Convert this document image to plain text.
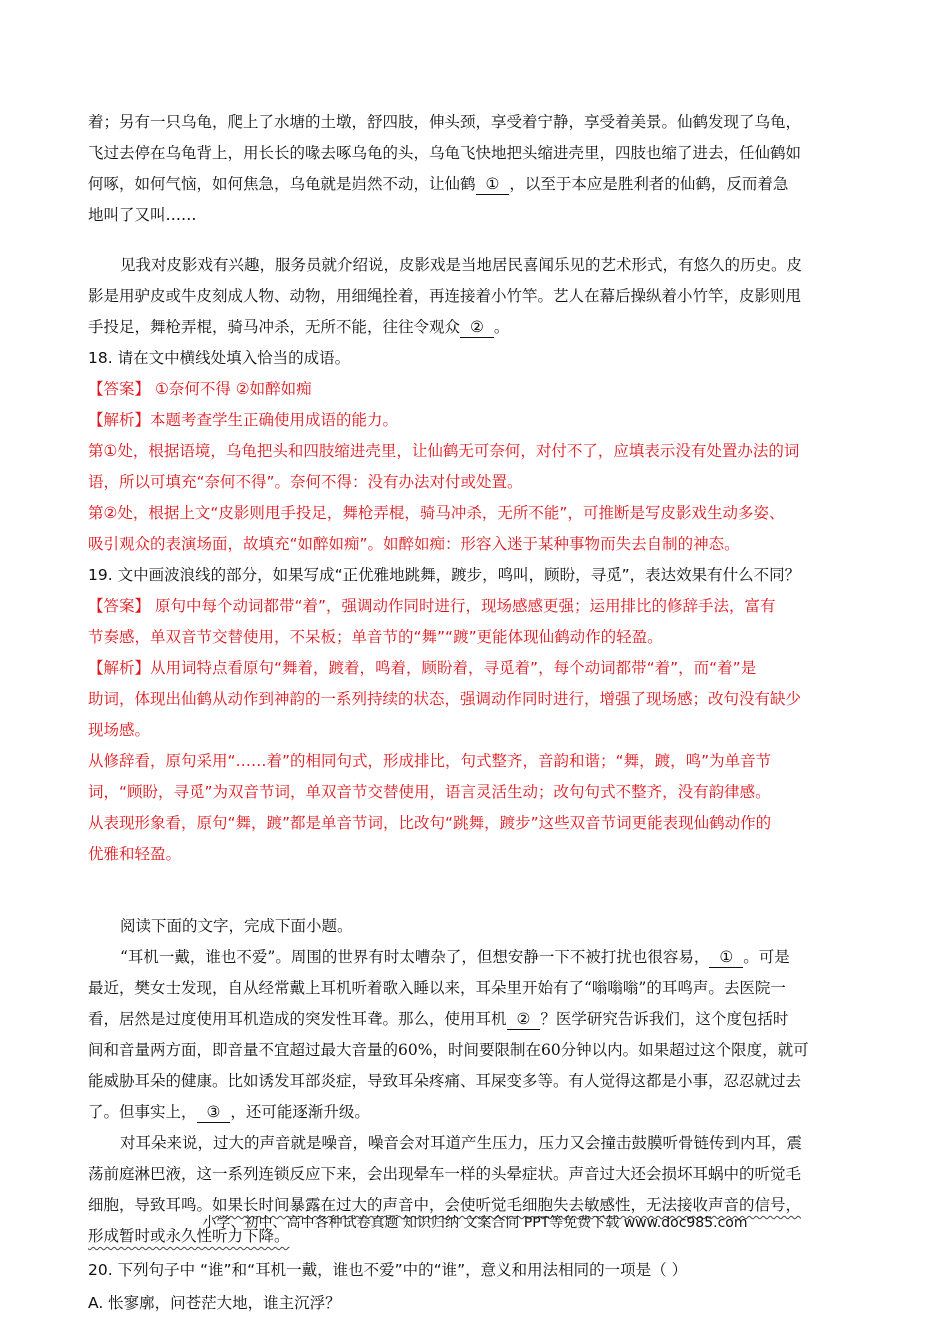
着；另有一只乌龟，爬上了水塘的土墩，舒四肢，伸头颈，享受着宁静，享受着美景。仙鹤发现了乌龟，
飞过去停在乌龟背上，用长长的喙去啄乌龟的头，乌龟飞快地把头缩进壳里，四肢也缩了进去，任仙鹤如
何啄，如何气恼，如何焦急，乌龟就是岿然不动，让仙鹤 ① ，以至于本应是胜利者的仙鹤，反而着急
地叫了又叫……
见我对皮影戏有兴趣，服务员就介绍说，皮影戏是当地居民喜闻乐见的艺术形式，有悠久的历史。皮
影是用驴皮或牛皮刻成人物、动物，用细绳拴着，再连接着小竹竿。艺人在幕后操纵着小竹竿，皮影则甩
手投足，舞枪弄棍，骑马冲杀，无所不能，往往令观众 ② 。
18. 请在文中横线处填入恰当的成语。
【答案】 ①奈何不得 ②如醉如痴
【解析】本题考查学生正确使用成语的能力。
第①处，根据语境，乌龟把头和四肢缩进壳里，让仙鹤无可奈何，对付不了，应填表示没有处置办法的词
语，所以可填充“奈何不得”。奈何不得：没有办法对付或处置。
第②处，根据上文“皮影则甩手投足，舞枪弄棍，骑马冲杀，无所不能”，可推断是写皮影戏生动多姿、
吸引观众的表演场面，故填充“如醉如痴”。如醉如痴：形容入迷于某种事物而失去自制的神态。
19. 文中画波浪线的部分，如果写成“正优雅地跳舞，踱步，鸣叫，顾盼，寻觅”，表达效果有什么不同？
【答案】 原句中每个动词都带“着”，强调动作同时进行，现场感感更强；运用排比的修辞手法，富有
节奏感，单双音节交替使用，不呆板；单音节的“舞”“踱”更能体现仙鹤动作的轻盈。
【解析】从用词特点看原句“舞着，踱着，鸣着，顾盼着，寻觅着”，每个动词都带“着”，而“着”是
助词，体现出仙鹤从动作到神韵的一系列持续的状态，强调动作同时进行，增强了现场感；改句没有缺少
现场感。
从修辞看，原句采用“……着”的相同句式，形成排比，句式整齐，音韵和谐；“舞，踱，鸣”为单音节
词，“顾盼，寻觅”为双音节词，单双音节交替使用，语言灵活生动；改句句式不整齐，没有韵律感。
从表现形象看，原句“舞，踱”都是单音节词，比改句“跳舞，踱步”这些双音节词更能表现仙鹤动作的
优雅和轻盈。
阅读下面的文字，完成下面小题。
“耳机一戴，谁也不爱”。周围的世界有时太嘈杂了，但想安静一下不被打扰也很容易， ① 。可是
最近，樊女士发现，自从经常戴上耳机听着歌入睡以来，耳朵里开始有了“嗡嗡嗡”的耳鸣声。去医院一
看，居然是过度使用耳机造成的突发性耳聋。那么，使用耳机 ② ？医学研究告诉我们，这个度包括时
间和音量两方面，即音量不宜超过最大音量的60%，时间要限制在60分钟以内。如果超过这个限度，就可
能威胁耳朵的健康。比如诱发耳部炎症，导致耳朵疼痛、耳屎变多等。有人觉得这都是小事，忍忍就过去
了。但事实上， ③ ，还可能逐渐升级。
对耳朵来说，过大的声音就是噪音，噪音会对耳道产生压力，压力又会撞击鼓膜听骨链传到内耳，震
荡前庭淋巴液，这一系列连锁反应下来，会出现晕车一样的头晕症状。声音过大还会损坏耳蜗中的听觉毛
细胞，导致耳鸣。如果长时间暴露在过大的声音中，会使听觉毛细胞失去敏感性，无法接收声音的信号，
形成暂时或永久性听力下降。
20. 下列句子中 “谁”和“耳机一戴，谁也不爱”中的“谁”，意义和用法相同的一项是（ ）
A. 怅寥廓，问苍茫大地，谁主沉浮？
小学、初中、高中各种试卷真题 知识归纳 文案合同 PPT等免费下载 www.doc985.com
